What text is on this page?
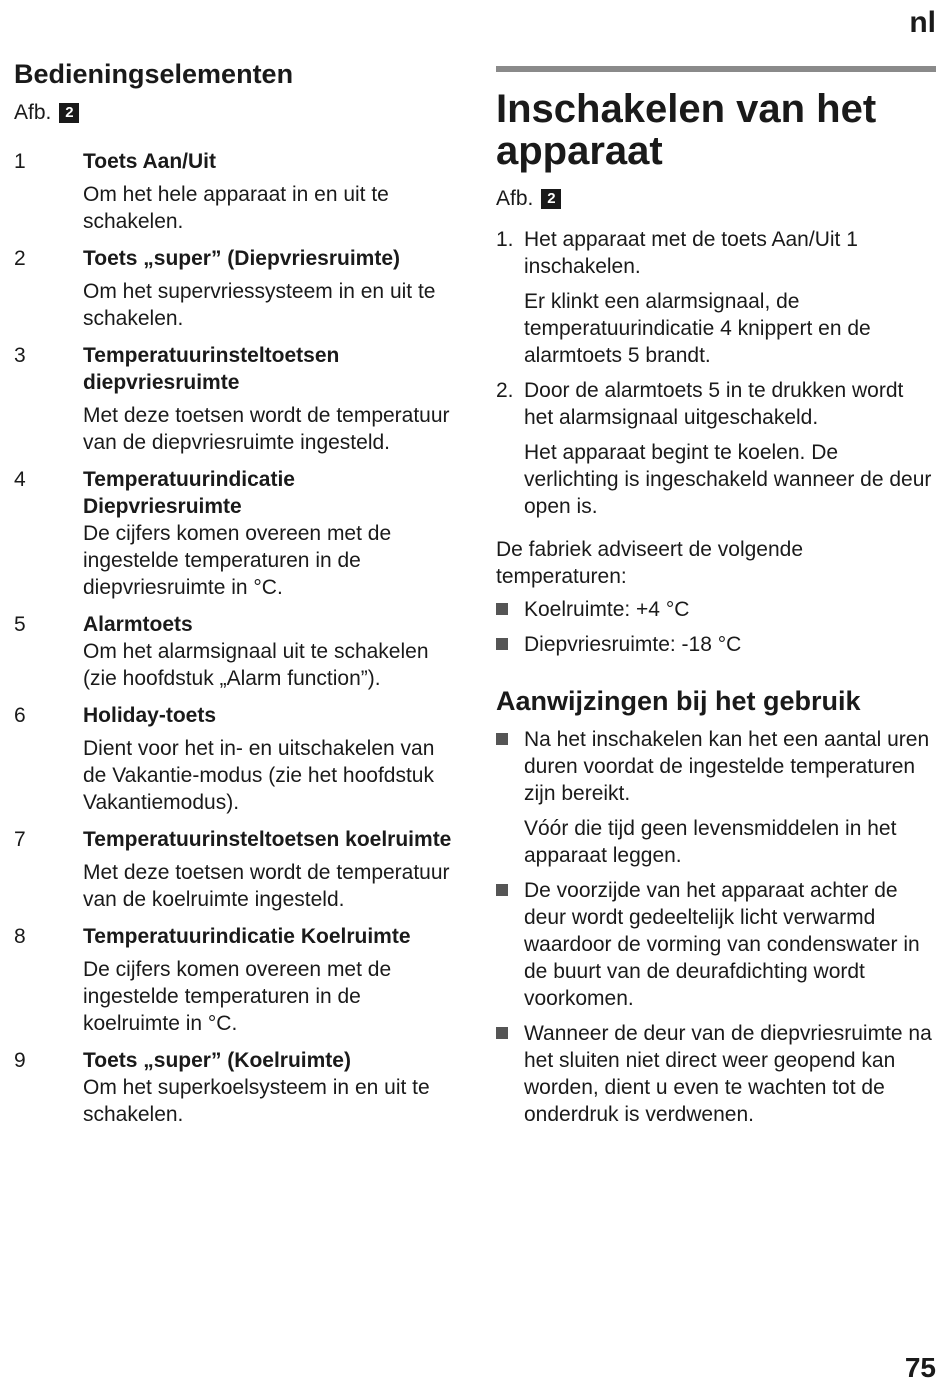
nl
Bedieningselementen
Afb. 2
1	Toets Aan/Uit
Om het hele apparaat in en uit te schakelen.
2	Toets „super” (Diepvriesruimte)
Om het supervriessysteem in en uit te schakelen.
3	Temperatuurinsteltoetsen diepvriesruimte
Met deze toetsen wordt de temperatuur van de diepvriesruimte ingesteld.
4	Temperatuurindicatie Diepvriesruimte
De cijfers komen overeen met de ingestelde temperaturen in de diepvriesruimte in °C.
5	Alarmtoets
Om het alarmsignaal uit te schakelen (zie hoofdstuk „Alarm function”).
6	Holiday-toets
Dient voor het in- en uitschakelen van de Vakantie-modus (zie het hoofdstuk Vakantiemodus).
7	Temperatuurinsteltoetsen koelruimte
Met deze toetsen wordt de temperatuur van de koelruimte ingesteld.
8	Temperatuurindicatie Koelruimte
De cijfers komen overeen met de ingestelde temperaturen in de koelruimte in °C.
9	Toets „super” (Koelruimte)
Om het superkoelsysteem in en uit te schakelen.
Inschakelen van het apparaat
Afb. 2
1. Het apparaat met de toets Aan/Uit 1 inschakelen.

Er klinkt een alarmsignaal, de temperatuurindicatie 4 knippert en de alarmtoets 5 brandt.

2. Door de alarmtoets 5 in te drukken wordt het alarmsignaal uitgeschakeld.

Het apparaat begint te koelen. De verlichting is ingeschakeld wanneer de deur open is.

De fabriek adviseert de volgende temperaturen:

Koelruimte: +4 °C

Diepvriesruimte: -18 °C

Aanwijzingen bij het gebruik

Na het inschakelen kan het een aantal uren duren voordat de ingestelde temperaturen zijn bereikt.

Vóór die tijd geen levensmiddelen in het apparaat leggen.

De voorzijde van het apparaat achter de deur wordt gedeeltelijk licht verwarmd waardoor de vorming van condenswater in de buurt van de deurafdichting wordt voorkomen.

Wanneer de deur van de diepvriesruimte na het sluiten niet direct weer geopend kan worden, dient u even te wachten tot de onderdruk is verdwenen.

75
